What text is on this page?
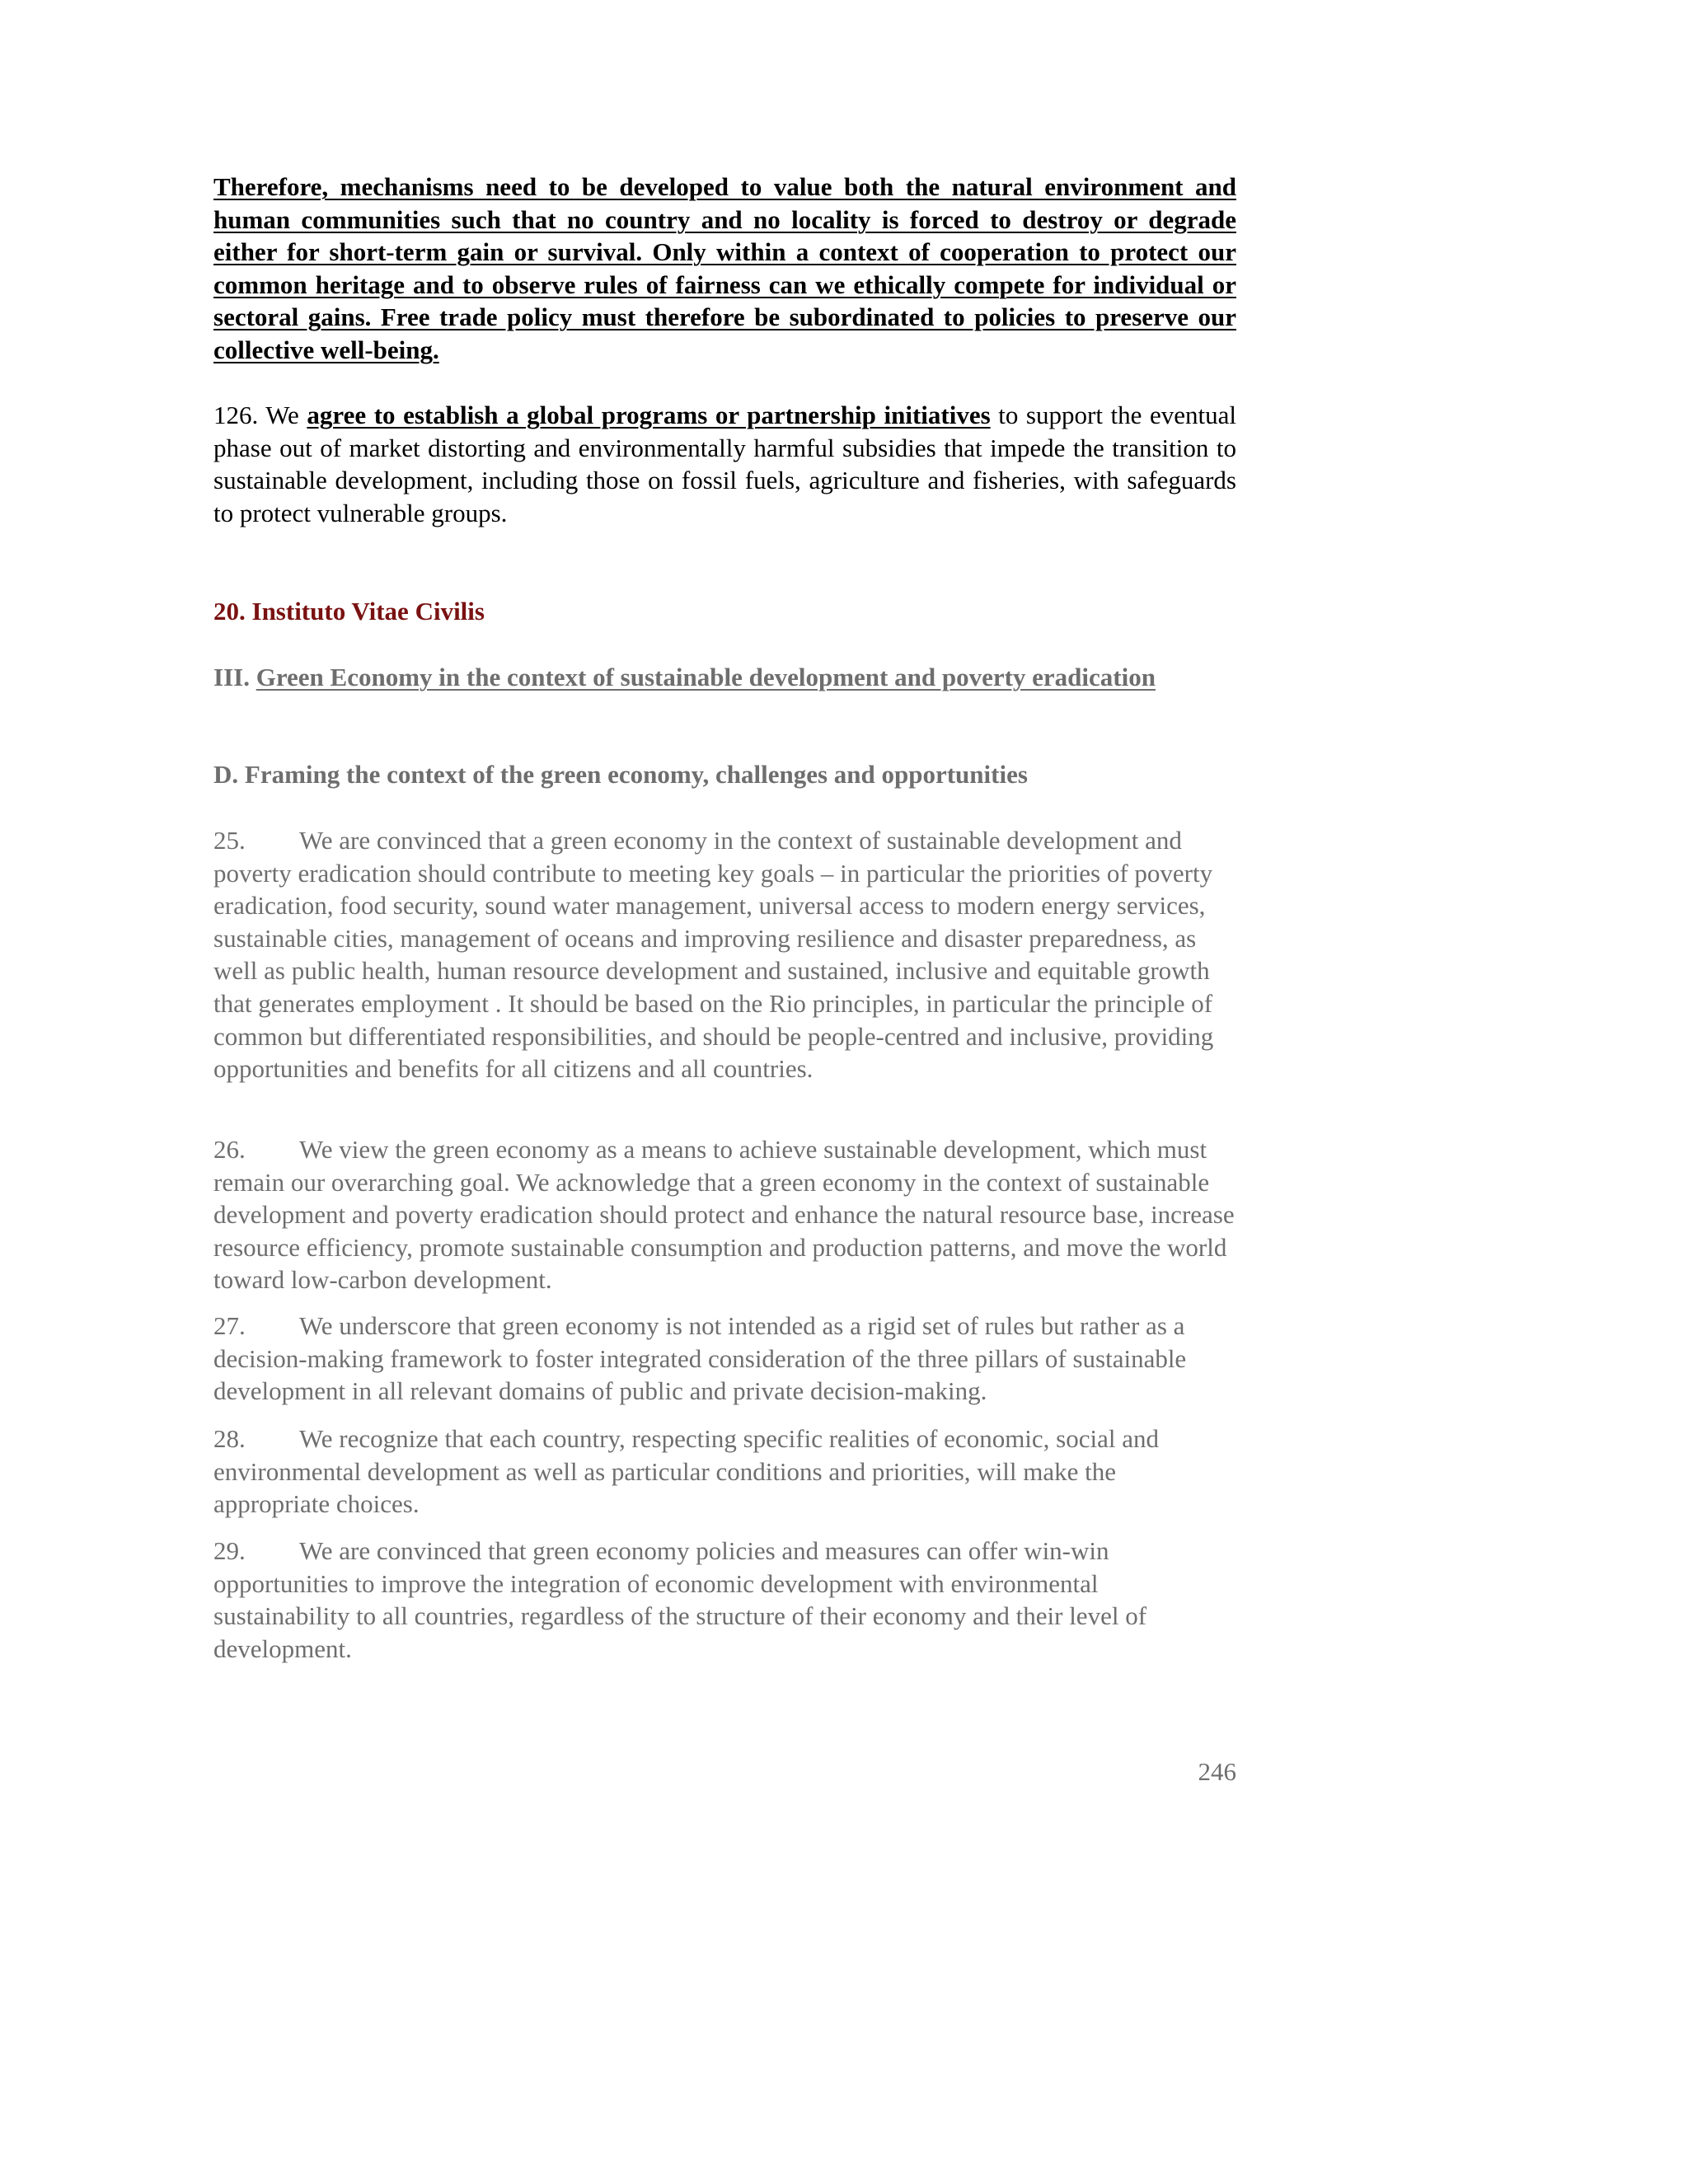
Therefore, mechanisms need to be developed to value both the natural environment and human communities such that no country and no locality is forced to destroy or degrade either for short-term gain or survival. Only within a context of cooperation to protect our common heritage and to observe rules of fairness can we ethically compete for individual or sectoral gains. Free trade policy must therefore be subordinated to policies to preserve our collective well-being.
126. We agree to establish a global programs or partnership initiatives to support the eventual phase out of market distorting and environmentally harmful subsidies that impede the transition to sustainable development, including those on fossil fuels, agriculture and fisheries, with safeguards to protect vulnerable groups.
20. Instituto Vitae Civilis
III. Green Economy in the context of sustainable development and poverty eradication
D. Framing the context of the green economy, challenges and opportunities
25. We are convinced that a green economy in the context of sustainable development and poverty eradication should contribute to meeting key goals – in particular the priorities of poverty eradication, food security, sound water management, universal access to modern energy services, sustainable cities, management of oceans and improving resilience and disaster preparedness, as well as public health, human resource development and sustained, inclusive and equitable growth that generates employment . It should be based on the Rio principles, in particular the principle of common but differentiated responsibilities, and should be people-centred and inclusive, providing opportunities and benefits for all citizens and all countries.
26. We view the green economy as a means to achieve sustainable development, which must remain our overarching goal. We acknowledge that a green economy in the context of sustainable development and poverty eradication should protect and enhance the natural resource base, increase resource efficiency, promote sustainable consumption and production patterns, and move the world toward low-carbon development.
27. We underscore that green economy is not intended as a rigid set of rules but rather as a decision-making framework to foster integrated consideration of the three pillars of sustainable development in all relevant domains of public and private decision-making.
28. We recognize that each country, respecting specific realities of economic, social and environmental development as well as particular conditions and priorities, will make the appropriate choices.
29. We are convinced that green economy policies and measures can offer win-win opportunities to improve the integration of economic development with environmental sustainability to all countries, regardless of the structure of their economy and their level of development.
246
